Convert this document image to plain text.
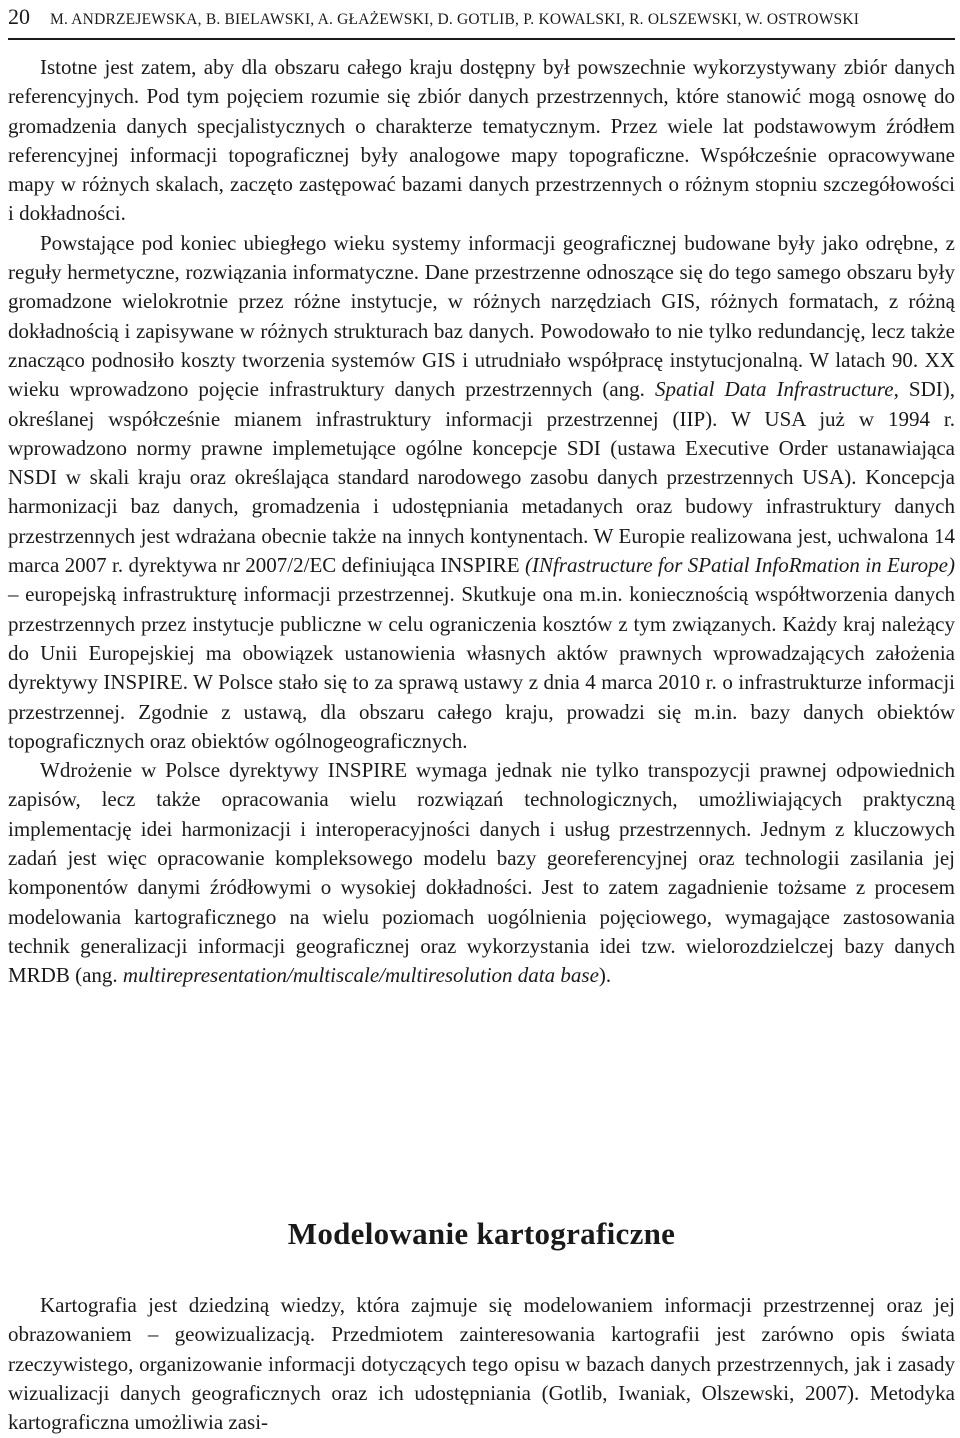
20 M. ANDRZEJEWSKA, B. BIELAWSKI, A. GŁAŻEWSKI, D. GOTLIB, P. KOWALSKI, R. OLSZEWSKI, W. OSTROWSKI

Istotne jest zatem, aby dla obszaru całego kraju dostępny był powszechnie wykorzystywany zbiór danych referencyjnych. Pod tym pojęciem rozumie się zbiór danych przestrzennych, które stanowić mogą osnowę do gromadzenia danych specjalistycznych o charakterze tematycznym. Przez wiele lat podstawowym źródłem referencyjnej informacji topograficznej były analogowe mapy topograficzne. Współcześnie opracowywane mapy w różnych skalach, zaczęto zastępować bazami danych przestrzennych o różnym stopniu szczegółowości i dokładności.

Powstające pod koniec ubiegłego wieku systemy informacji geograficznej budowane były jako odrębne, z reguły hermetyczne, rozwiązania informatyczne. Dane przestrzenne odnoszące się do tego samego obszaru były gromadzone wielokrotnie przez różne instytucje, w różnych narzędziach GIS, różnych formatach, z różną dokładnością i zapisywane w różnych strukturach baz danych. Powodowało to nie tylko redundancję, lecz także znacząco podnosiło koszty tworzenia systemów GIS i utrudniało współpracę instytucjonalną. W latach 90. XX wieku wprowadzono pojęcie infrastruktury danych przestrzennych (ang. Spatial Data Infrastructure, SDI), określanej współcześnie mianem infrastruktury informacji przestrzennej (IIP). W USA już w 1994 r. wprowadzono normy prawne implemetujące ogólne koncepcje SDI (ustawa Executive Order ustanawiająca NSDI w skali kraju oraz określająca standard narodowego zasobu danych przestrzennych USA). Koncepcja harmonizacji baz danych, gromadzenia i udostępniania metadanych oraz budowy infrastruktury danych przestrzennych jest wdrażana obecnie także na innych kontynentach. W Europie realizowana jest, uchwalona 14 marca 2007 r. dyrektywa nr 2007/2/EC definiująca INSPIRE (INfrastructure for SPatial InfoRmation in Europe) – europejską infrastrukturę informacji przestrzennej. Skutkuje ona m.in. koniecznością współtworzenia danych przestrzennych przez instytucje publiczne w celu ograniczenia kosztów z tym związanych. Każdy kraj należący do Unii Europejskiej ma obowiązek ustanowienia własnych aktów prawnych wprowadzających założenia dyrektywy INSPIRE. W Polsce stało się to za sprawą ustawy z dnia 4 marca 2010 r. o infrastrukturze informacji przestrzennej. Zgodnie z ustawą, dla obszaru całego kraju, prowadzi się m.in. bazy danych obiektów topograficznych oraz obiektów ogólnogeograficznych.

Wdrożenie w Polsce dyrektywy INSPIRE wymaga jednak nie tylko transpozycji prawnej odpowiednich zapisów, lecz także opracowania wielu rozwiązań technologicznych, umożliwiających praktyczną implementację idei harmonizacji i interoperacyjności danych i usług przestrzennych. Jednym z kluczowych zadań jest więc opracowanie kompleksowego modelu bazy georeferencyjnej oraz technologii zasilania jej komponentów danymi źródłowymi o wysokiej dokładności. Jest to zatem zagadnienie tożsame z procesem modelowania kartograficznego na wielu poziomach uogólnienia pojęciowego, wymagające zastosowania technik generalizacji informacji geograficznej oraz wykorzystania idei tzw. wielorozdzielczej bazy danych MRDB (ang. multirepresentation/multiscale/multiresolution data base).

Modelowanie kartograficzne

Kartografia jest dziedziną wiedzy, która zajmuje się modelowaniem informacji przestrzennej oraz jej obrazowaniem – geowizualizacją. Przedmiotem zainteresowania kartografii jest zarówno opis świata rzeczywistego, organizowanie informacji dotyczących tego opisu w bazach danych przestrzennych, jak i zasady wizualizacji danych geograficznych oraz ich udostępniania (Gotlib, Iwaniak, Olszewski, 2007). Metodyka kartograficzna umożliwia zasi-
